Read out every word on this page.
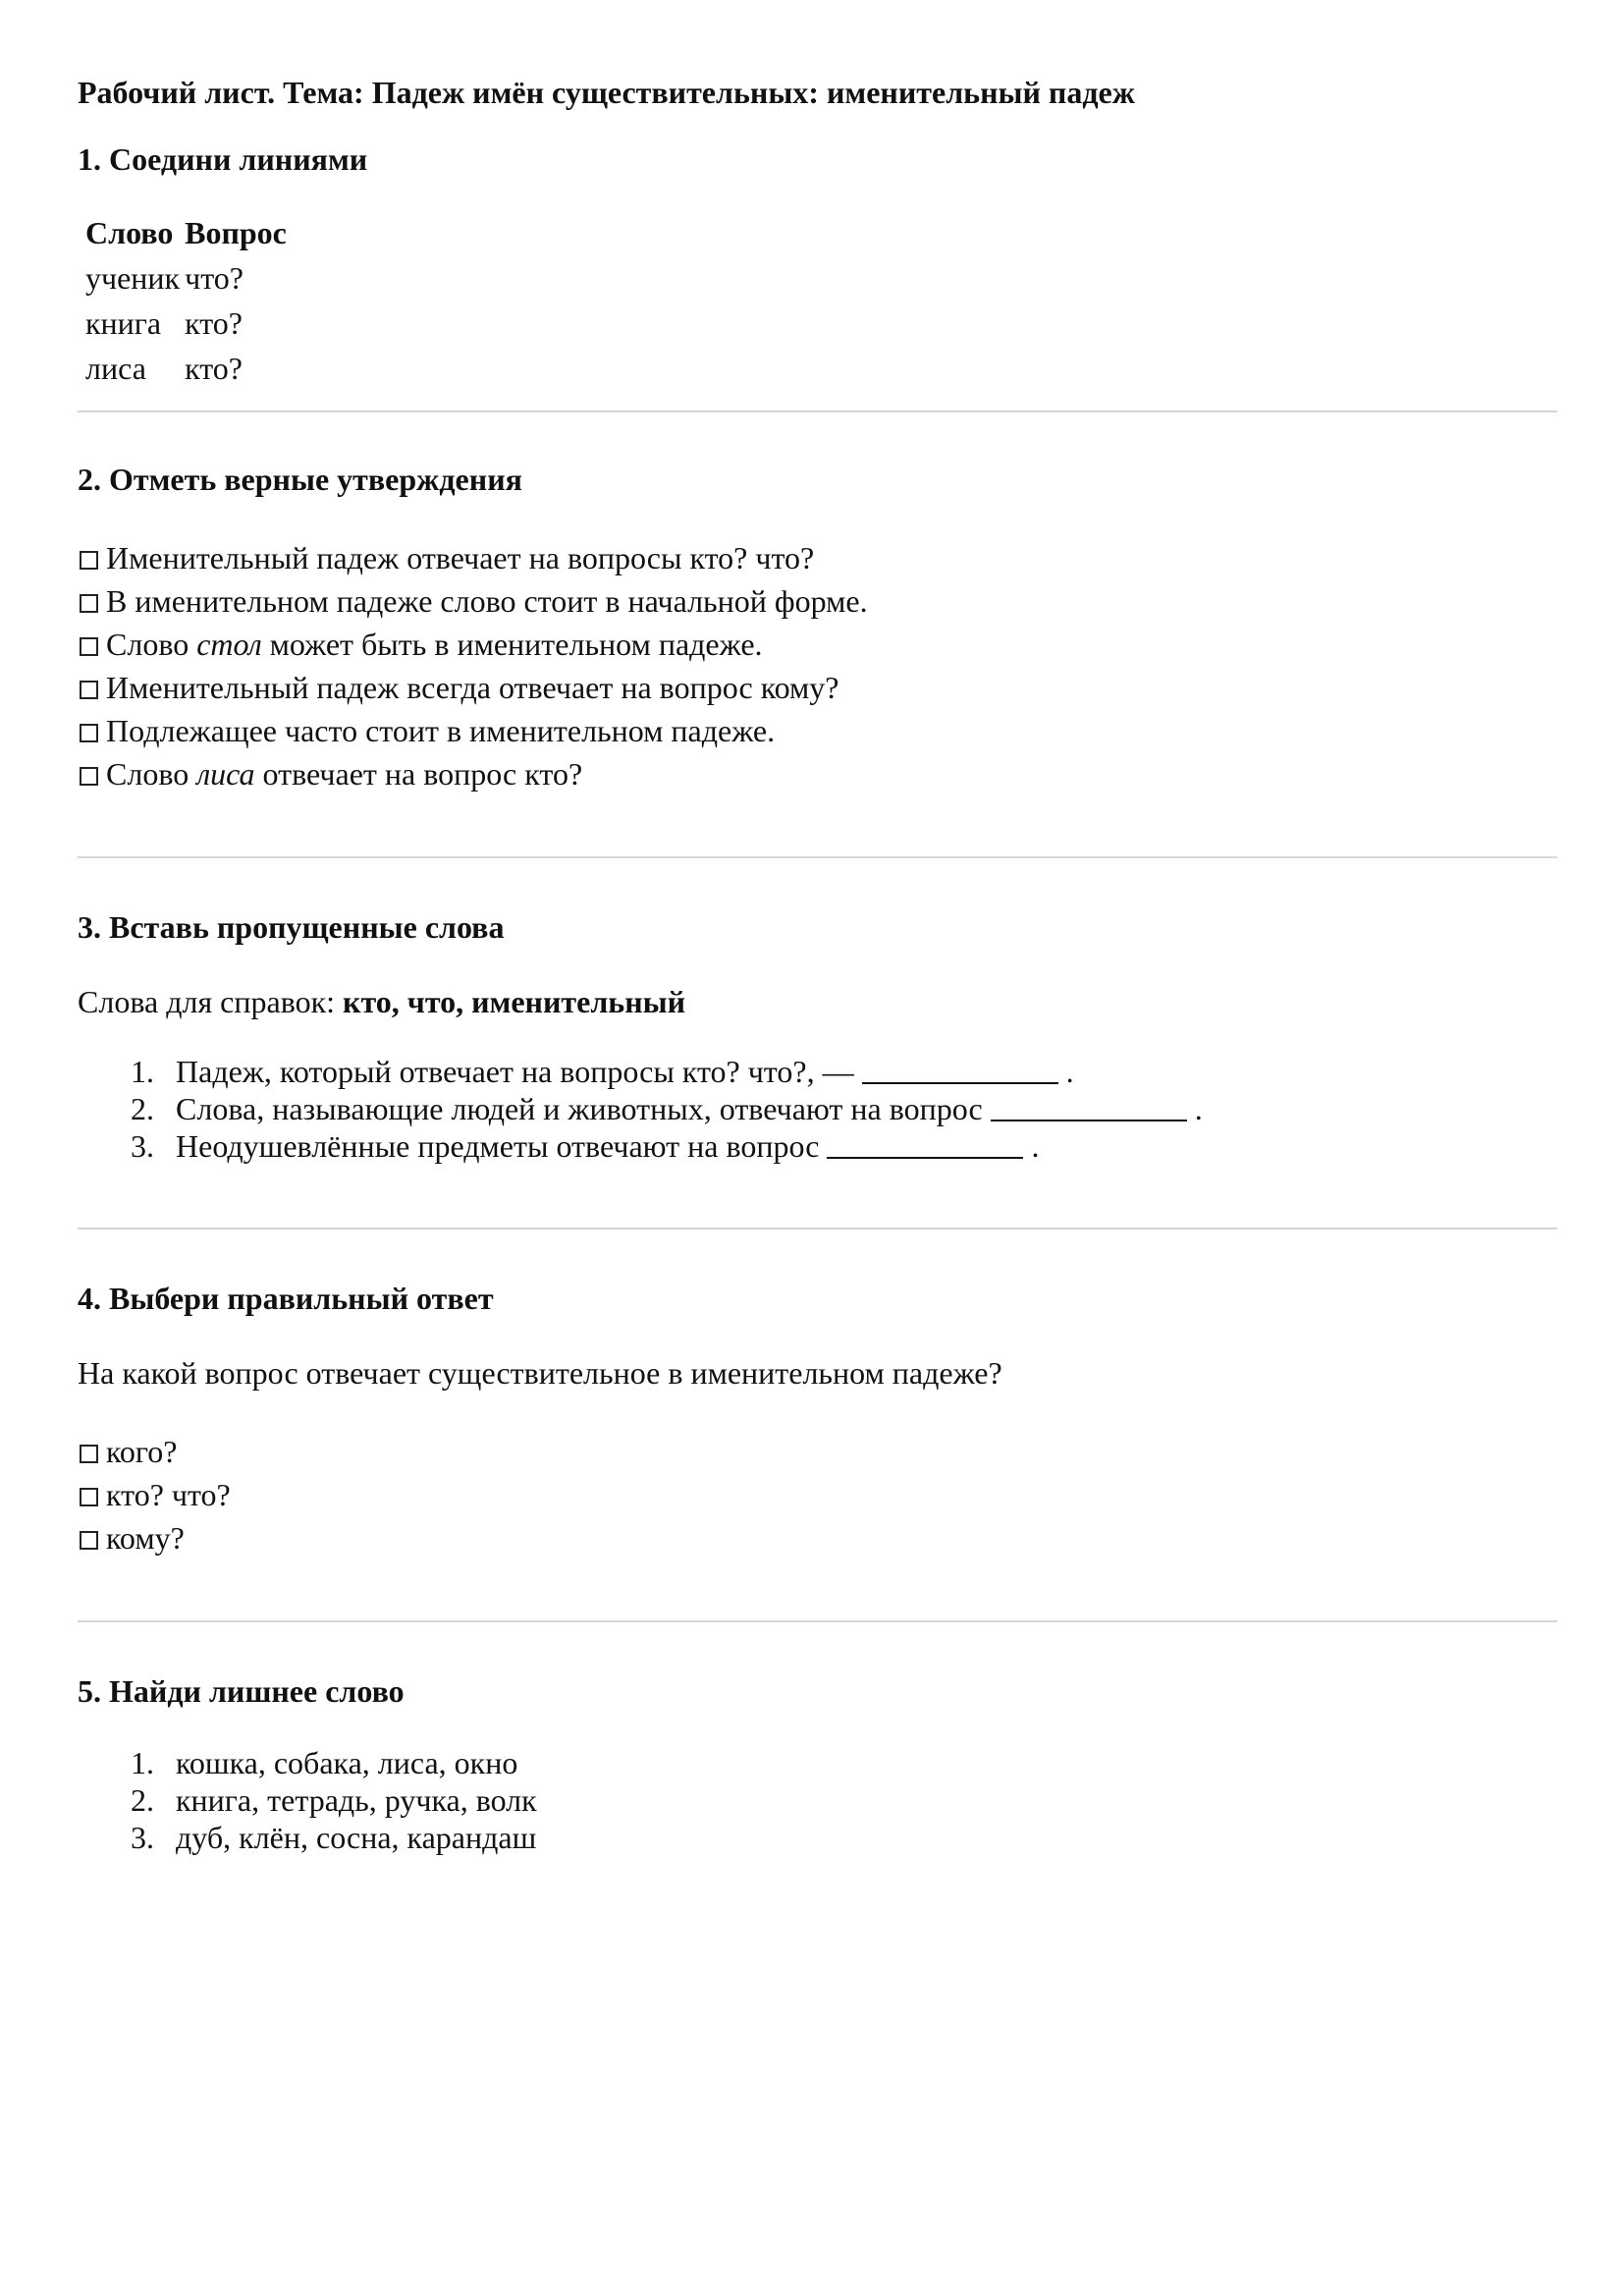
Рабочий лист. Тема: Падеж имён существительных: именительный падеж
1. Соедини линиями
Слово	Вопрос
ученик	что?
книга	кто?
лиса	кто?
2. Отметь верные утверждения
Именительный падеж отвечает на вопросы кто? что?
В именительном падеже слово стоит в начальной форме.
Слово стол может быть в именительном падеже.
Именительный падеж всегда отвечает на вопрос кому?
Подлежащее часто стоит в именительном падеже.
Слово лиса отвечает на вопрос кто?
3. Вставь пропущенные слова
Слова для справок: кто, что, именительный
1. Падеж, который отвечает на вопросы кто? что?, —	.
2. Слова, называющие людей и животных, отвечают на вопрос	.
3. Неодушевлённые предметы отвечают на вопрос	.
4. Выбери правильный ответ
На какой вопрос отвечает существительное в именительном падеже?
кого?
кто? что?
кому?
5. Найди лишнее слово
1. кошка, собака, лиса, окно
2. книга, тетрадь, ручка, волк
3. дуб, клён, сосна, карандаш
